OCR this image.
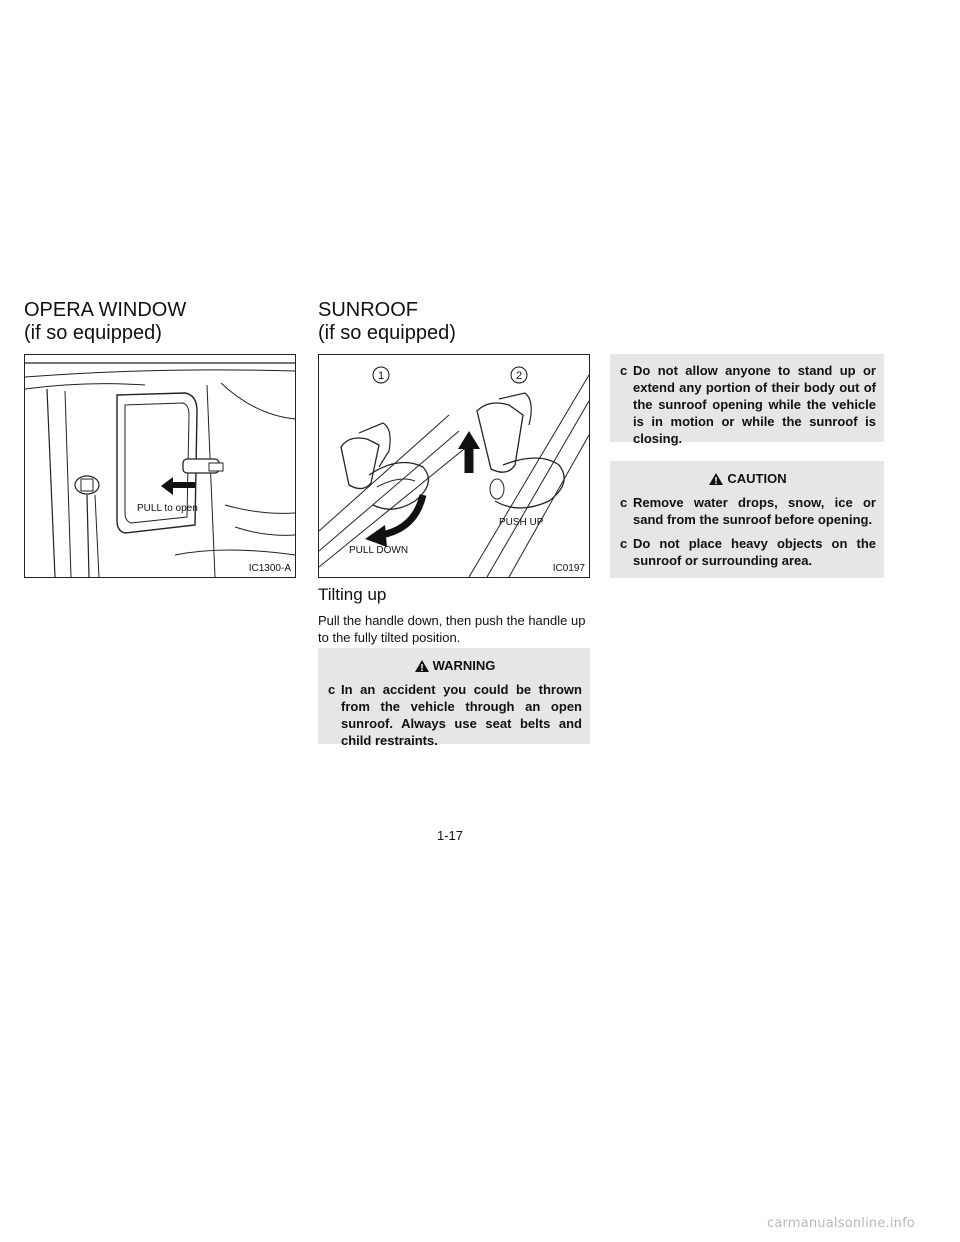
OPERA WINDOW
(if so equipped)
PULL to open
IC1300-A
SUNROOF
(if so equipped)
1	2
PULL DOWN
PUSH UP
IC0197
Tilting up
Pull the handle down, then push the handle up to the fully tilted position.
WARNING
c In an accident you could be thrown from the vehicle through an open sunroof. Always use seat belts and child restraints.
c Do not allow anyone to stand up or extend any portion of their body out of the sunroof opening while the vehicle is in motion or while the sunroof is closing.
CAUTION
c Remove water drops, snow, ice or sand from the sunroof before opening.
c Do not place heavy objects on the sunroof or surrounding area.
1-17
carmanualsonline.info
